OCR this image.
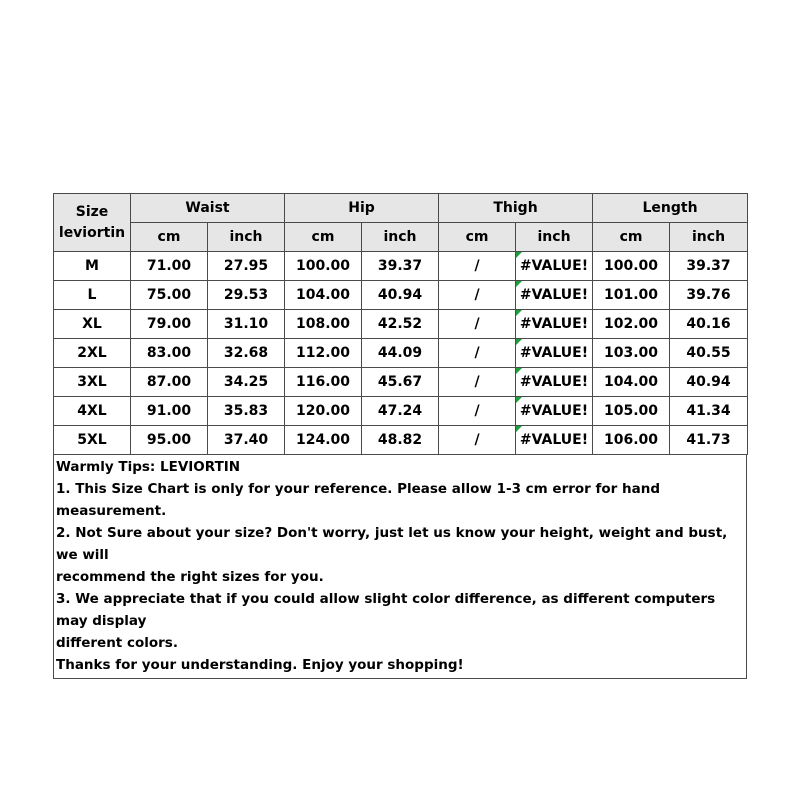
Size
leviortin	Waist		Hip		Thigh		Length	
	cm	inch	cm	inch	cm	inch	cm	inch
M	71.00	27.95	100.00	39.37	/	#VALUE!	100.00	39.37
L	75.00	29.53	104.00	40.94	/	#VALUE!	101.00	39.76
XL	79.00	31.10	108.00	42.52	/	#VALUE!	102.00	40.16
2XL	83.00	32.68	112.00	44.09	/	#VALUE!	103.00	40.55
3XL	87.00	34.25	116.00	45.67	/	#VALUE!	104.00	40.94
4XL	91.00	35.83	120.00	47.24	/	#VALUE!	105.00	41.34
5XL	95.00	37.40	124.00	48.82	/	#VALUE!	106.00	41.73
Warmly Tips: LEVIORTIN
1. This Size Chart is only for your reference. Please allow 1-3 cm error for hand measurement.
2. Not Sure about your size? Don't worry, just let us know your height, weight and bust, we will
recommend the right sizes for you.
3. We appreciate that if you could allow slight color difference, as different computers may display
different colors.
Thanks for your understanding. Enjoy your shopping!
